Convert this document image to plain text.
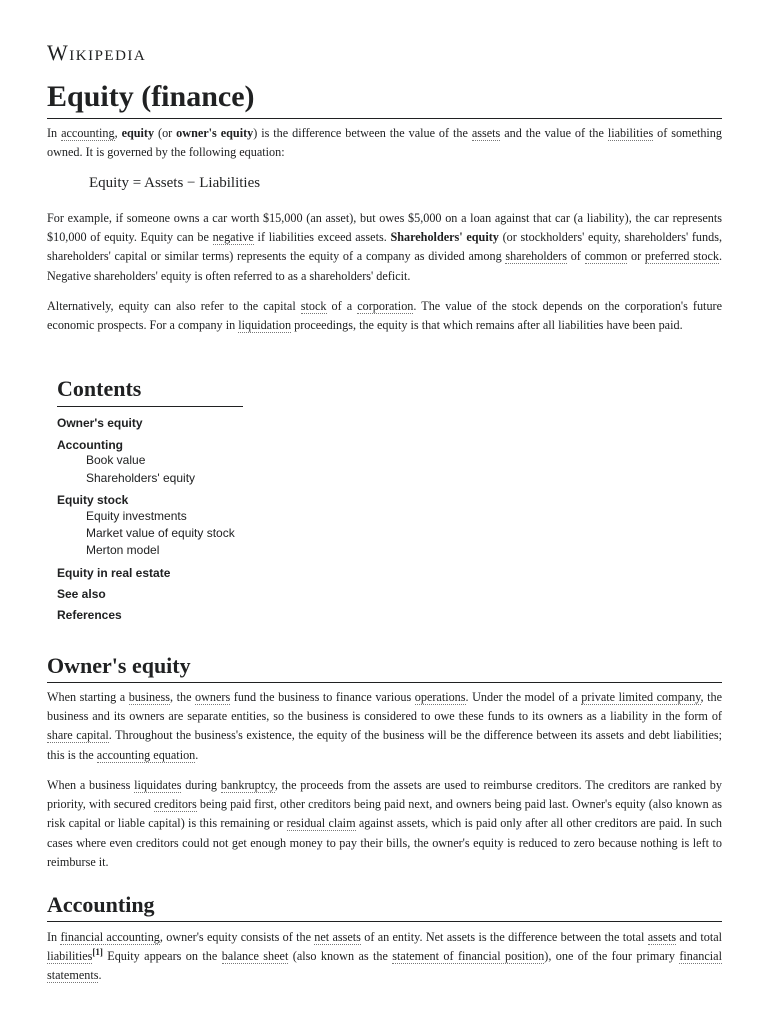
Wikipedia
Equity (finance)

In accounting, equity (or owner's equity) is the difference between the value of the assets and the value of the liabilities of something owned. It is governed by the following equation:

Equity = Assets − Liabilities

For example, if someone owns a car worth $15,000 (an asset), but owes $5,000 on a loan against that car (a liability), the car represents $10,000 of equity. Equity can be negative if liabilities exceed assets. Shareholders' equity (or stockholders' equity, shareholders' funds, shareholders' capital or similar terms) represents the equity of a company as divided among shareholders of common or preferred stock. Negative shareholders' equity is often referred to as a shareholders' deficit.

Alternatively, equity can also refer to the capital stock of a corporation. The value of the stock depends on the corporation's future economic prospects. For a company in liquidation proceedings, the equity is that which remains after all liabilities have been paid.

Contents
Owner's equity
Accounting
Book value
Shareholders' equity
Equity stock
Equity investments
Market value of equity stock
Merton model
Equity in real estate
See also
References
Owner's equity

When starting a business, the owners fund the business to finance various operations. Under the model of a private limited company, the business and its owners are separate entities, so the business is considered to owe these funds to its owners as a liability in the form of share capital. Throughout the business's existence, the equity of the business will be the difference between its assets and debt liabilities; this is the accounting equation.

When a business liquidates during bankruptcy, the proceeds from the assets are used to reimburse creditors. The creditors are ranked by priority, with secured creditors being paid first, other creditors being paid next, and owners being paid last. Owner's equity (also known as risk capital or liable capital) is this remaining or residual claim against assets, which is paid only after all other creditors are paid. In such cases where even creditors could not get enough money to pay their bills, the owner's equity is reduced to zero because nothing is left to reimburse it.

Accounting

In financial accounting, owner's equity consists of the net assets of an entity. Net assets is the difference between the total assets and total liabilities[1] Equity appears on the balance sheet (also known as the statement of financial position), one of the four primary financial statements.
